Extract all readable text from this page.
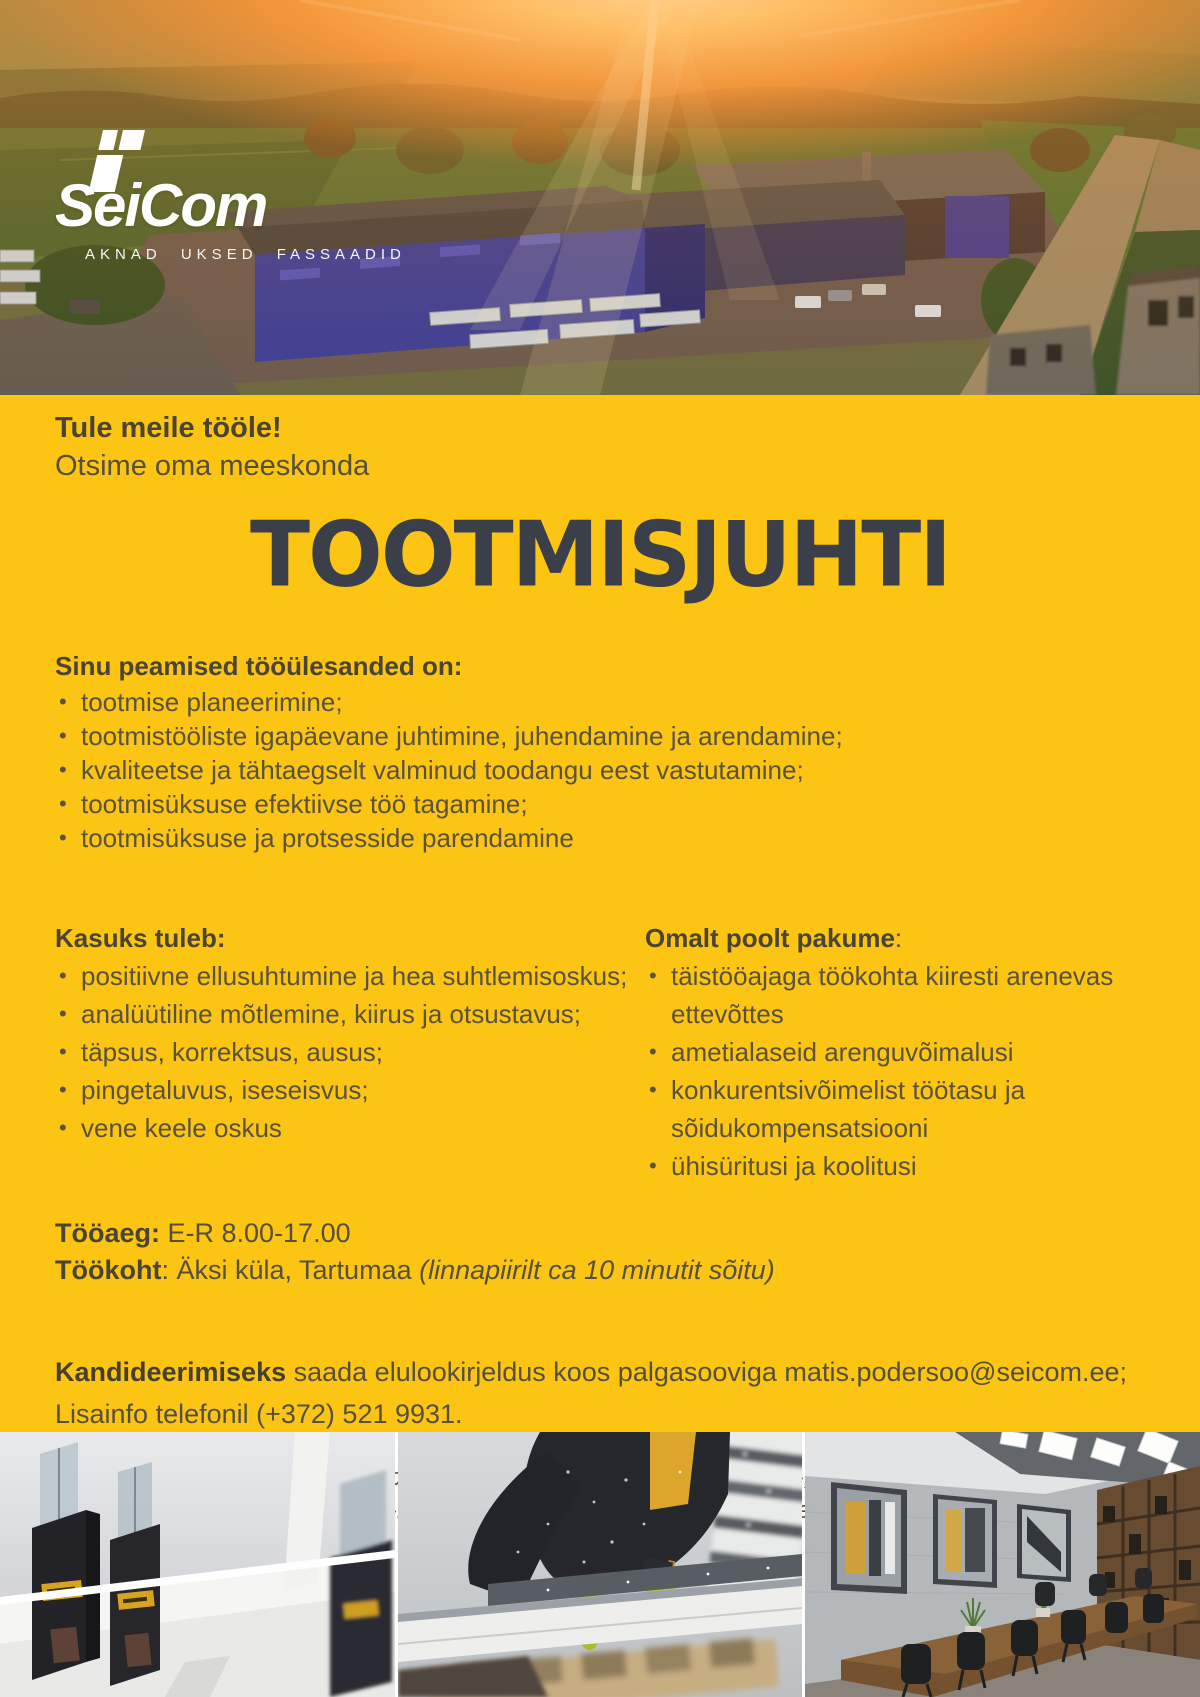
SeiCom
AKNAD UKSED FASSAADID
Tule meile tööle!
Otsime oma meeskonda
TOOTMISJUHTI
Sinu peamised tööülesanded on:
• tootmise planeerimine;
• tootmistööliste igapäevane juhtimine, juhendamine ja arendamine;
• kvaliteetse ja tähtaegselt valminud toodangu eest vastutamine;
• tootmisüksuse efektiivse töö tagamine;
• tootmisüksuse ja protsesside parendamine
Kasuks tuleb:
• positiivne ellusuhtumine ja hea suhtlemisoskus;
• analüütiline mõtlemine, kiirus ja otsustavus;
• täpsus, korrektsus, ausus;
• pingetaluvus, iseseisvus;
• vene keele oskus
Omalt poolt pakume:
• täistööajaga töökohta kiiresti arenevas ettevõttes
• ametialaseid arenguvõimalusi
• konkurentsivõimelist töötasu ja sõidukompensatsiooni
• ühisüritusi ja koolitusi
Tööaeg: E-R 8.00-17.00
Töökoht: Äksi küla, Tartumaa (linnapiirilt ca 10 minutit sõitu)
Kandideerimiseks saada elulookirjeldus koos palgasooviga matis.podersoo@seicom.ee;
Lisainfo telefonil (+372) 521 9931.
